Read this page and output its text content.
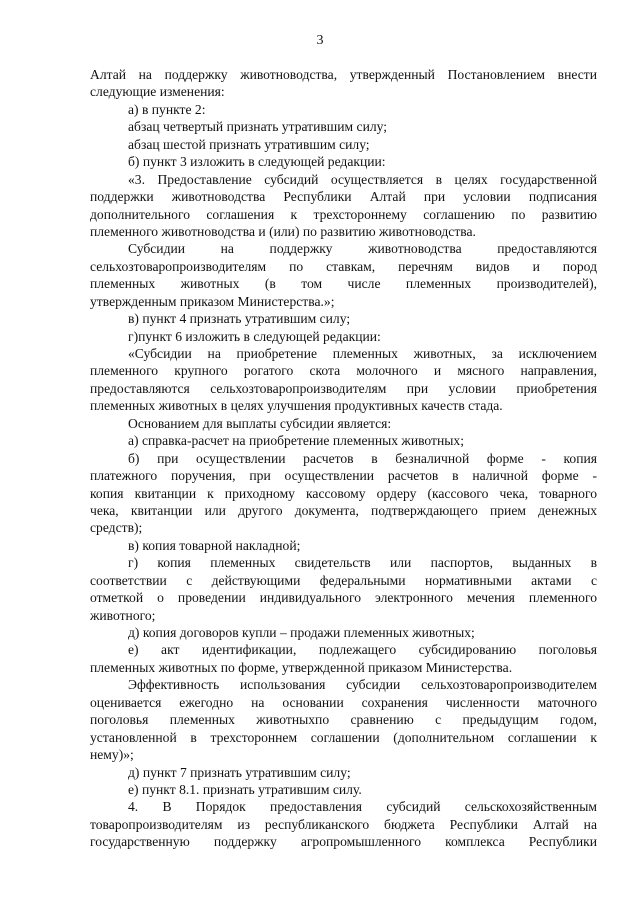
3
Алтай на поддержку животноводства, утвержденный Постановлением внести
следующие изменения:
а) в пункте 2:
абзац четвертый признать утратившим силу;
абзац шестой признать утратившим силу;
б) пункт 3 изложить в следующей редакции:
«3. Предоставление субсидий осуществляется в целях государственной
поддержки животноводства Республики Алтай при условии подписания
дополнительного соглашения к трехстороннему соглашению по развитию
племенного животноводства и (или) по развитию животноводства.
Субсидии на поддержку животноводства предоставляются
сельхозтоваропроизводителям по ставкам, перечням видов и пород
племенных животных (в том числе племенных производителей),
утвержденным приказом Министерства.»;
в) пункт 4 признать утратившим силу;
г)пункт 6 изложить в следующей редакции:
«Субсидии на приобретение племенных животных, за исключением
племенного крупного рогатого скота молочного и мясного направления,
предоставляются сельхозтоваропроизводителям при условии приобретения
племенных животных в целях улучшения продуктивных качеств стада.
Основанием для выплаты субсидии является:
а) справка-расчет на приобретение племенных животных;
б) при осуществлении расчетов в безналичной форме - копия
платежного поручения, при осуществлении расчетов в наличной форме -
копия квитанции к приходному кассовому ордеру (кассового чека, товарного
чека, квитанции или другого документа, подтверждающего прием денежных
средств);
в) копия товарной накладной;
г) копия племенных свидетельств или паспортов, выданных в
соответствии с действующими федеральными нормативными актами с
отметкой о проведении индивидуального электронного мечения племенного
животного;
д) копия договоров купли – продажи племенных животных;
е) акт идентификации, подлежащего субсидированию поголовья
племенных животных по форме, утвержденной приказом Министерства.
Эффективность использования субсидии сельхозтоваропроизводителем
оценивается ежегодно на основании сохранения численности маточного
поголовья племенных животныхпо сравнению с предыдущим годом,
установленной в трехстороннем соглашении (дополнительном соглашении к
нему)»;
д) пункт 7 признать утратившим силу;
е) пункт 8.1. признать утратившим силу.
4. В Порядок предоставления субсидий сельскохозяйственным
товаропроизводителям из республиканского бюджета Республики Алтай на
государственную поддержку агропромышленного комплекса Республики
